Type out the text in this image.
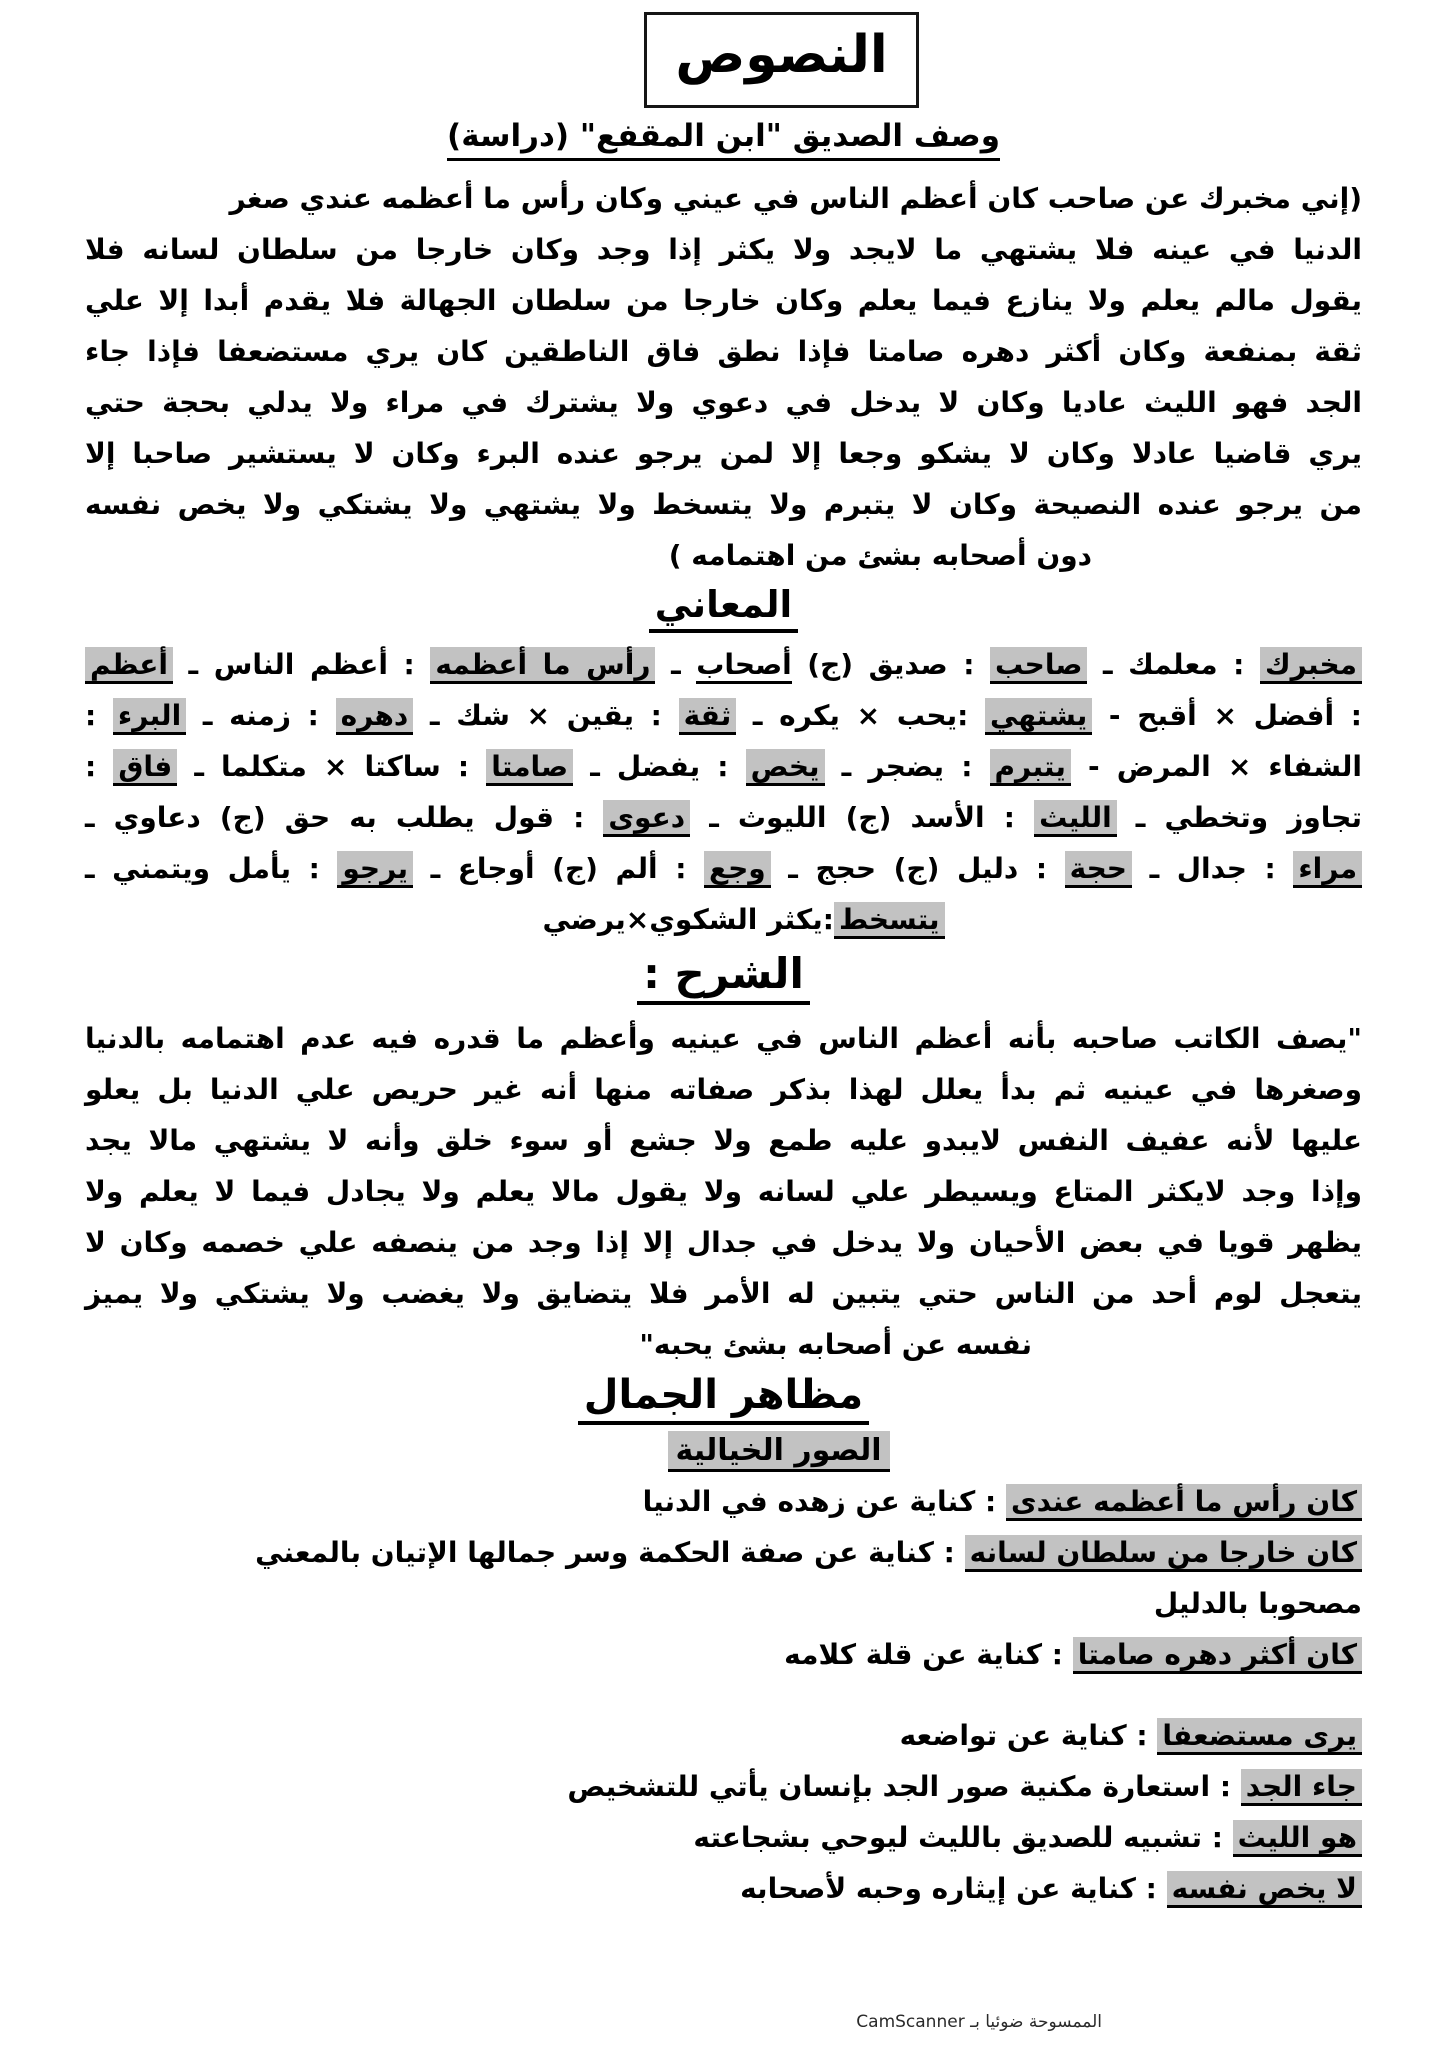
النصوص
وصف الصديق "ابن المقفع" (دراسة)
(إني مخبرك عن صاحب كان أعظم الناس في عيني وكان رأس ما أعظمه عندي صغر
الدنيا في عينه فلا يشتهي ما لايجد ولا يكثر إذا وجد وكان خارجا من سلطان لسانه فلا
يقول مالم يعلم ولا ينازع فيما يعلم وكان خارجا من سلطان الجهالة فلا يقدم أبدا إلا علي
ثقة بمنفعة وكان أكثر دهره صامتا فإذا نطق فاق الناطقين كان يري مستضعفا فإذا جاء
الجد فهو الليث عاديا وكان لا يدخل في دعوي ولا يشترك في مراء ولا يدلي بحجة حتي
يري قاضيا عادلا وكان لا يشكو وجعا إلا لمن يرجو عنده البرء وكان لا يستشير صاحبا إلا
من يرجو عنده النصيحة وكان لا يتبرم ولا يتسخط ولا يشتهي ولا يشتكي ولا يخص نفسه
دون أصحابه بشئ من اهتمامه )
المعاني
مخبرك : معلمك ـ صاحب : صديق (ج) أصحاب ـ رأس ما أعظمه : أعظم الناس ـ أعظم
: أفضل × أقبح - يشتهي :يحب × يكره ـ ثقة : يقين × شك ـ دهره : زمنه ـ البرء :
الشفاء × المرض - يتبرم : يضجر ـ يخص : يفضل ـ صامتا : ساكتا × متكلما ـ فاق :
تجاوز وتخطي ـ الليث : الأسد (ج) الليوث ـ دعوى : قول يطلب به حق (ج) دعاوي ـ
مراء : جدال ـ حجة : دليل (ج) حجج ـ وجع : ألم (ج) أوجاع ـ يرجو : يأمل ويتمني ـ
يتسخط:يكثر الشكوي×يرضي
الشرح :
"يصف الكاتب صاحبه بأنه أعظم الناس في عينيه وأعظم ما قدره فيه عدم اهتمامه بالدنيا
وصغرها في عينيه ثم بدأ يعلل لهذا بذكر صفاته منها أنه غير حريص علي الدنيا بل يعلو
عليها لأنه عفيف النفس لايبدو عليه طمع ولا جشع أو سوء خلق وأنه لا يشتهي مالا يجد
وإذا وجد لايكثر المتاع ويسيطر علي لسانه ولا يقول مالا يعلم ولا يجادل فيما لا يعلم ولا
يظهر قويا في بعض الأحيان ولا يدخل في جدال إلا إذا وجد من ينصفه علي خصمه وكان لا
يتعجل لوم أحد من الناس حتي يتبين له الأمر فلا يتضايق ولا يغضب ولا يشتكي ولا يميز
نفسه عن أصحابه بشئ يحبه"
مظاهر الجمال
الصور الخيالية
كان رأس ما أعظمه عندى : كناية عن زهده في الدنيا
كان خارجا من سلطان لسانه : كناية عن صفة الحكمة وسر جمالها الإتيان بالمعني
مصحوبا بالدليل
كان أكثر دهره صامتا : كناية عن قلة كلامه
يرى مستضعفا : كناية عن تواضعه
جاء الجد : استعارة مكنية صور الجد بإنسان يأتي للتشخيص
هو الليث : تشبيه للصديق بالليث ليوحي بشجاعته
لا يخص نفسه : كناية عن إيثاره وحبه لأصحابه
الممسوحة ضوئيا بـ CamScanner
